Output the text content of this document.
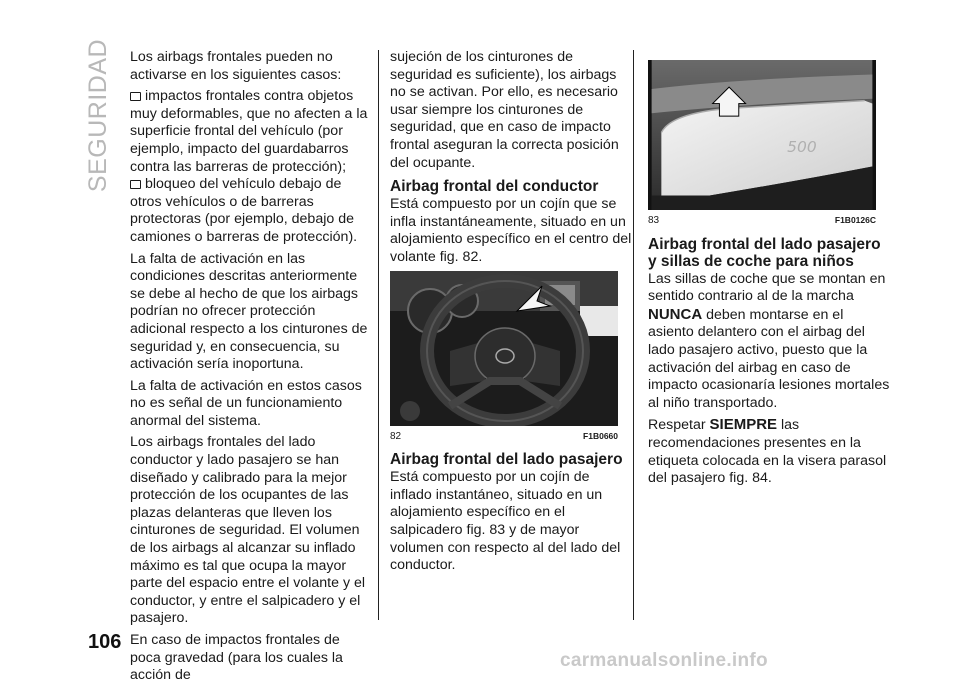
SEGURIDAD Los airbags frontales pueden no activarse en los siguientes casos:

impactos frontales contra objetos muy deformables, que no afecten a la superficie frontal del vehículo (por ejemplo, impacto del guardabarros contra las barreras de protección);

bloqueo del vehículo debajo de otros vehículos o de barreras protectoras (por ejemplo, debajo de camiones o barreras de protección).

La falta de activación en las condiciones descritas anteriormente se debe al hecho de que los airbags podrían no ofrecer protección adicional respecto a los cinturones de seguridad y, en consecuencia, su activación sería inoportuna.

La falta de activación en estos casos no es señal de un funcionamiento anormal del sistema.

Los airbags frontales del lado conductor y lado pasajero se han diseñado y calibrado para la mejor protección de los ocupantes de las plazas delanteras que lleven los cinturones de seguridad. El volumen de los airbags al alcanzar su inflado máximo es tal que ocupa la mayor parte del espacio entre el volante y el conductor, y entre el salpicadero y el pasajero.

En caso de impactos frontales de poca gravedad (para los cuales la acción de

sujeción de los cinturones de seguridad es suficiente), los airbags no se activan. Por ello, es necesario usar siempre los cinturones de seguridad, que en caso de impacto frontal aseguran la correcta posición del ocupante.

Airbag frontal del conductor

Está compuesto por un cojín que se infla instantáneamente, situado en un alojamiento específico en el centro del volante fig. 82.

82	F1B0660
Airbag frontal del lado pasajero

Está compuesto por un cojín de inflado instantáneo, situado en un alojamiento específico en el salpicadero fig. 83 y de mayor volumen con respecto al del lado del conductor.

500
83	F1B0126C
Airbag frontal del lado pasajero y sillas de coche para niños

Las sillas de coche que se montan en sentido contrario al de la marcha NUNCA deben montarse en el asiento delantero con el airbag del lado pasajero activo, puesto que la activación del airbag en caso de impacto ocasionaría lesiones mortales al niño transportado.

Respetar SIEMPRE las recomendaciones presentes en la etiqueta colocada en la visera parasol del pasajero fig. 84.

106
carmanualsonline.info
